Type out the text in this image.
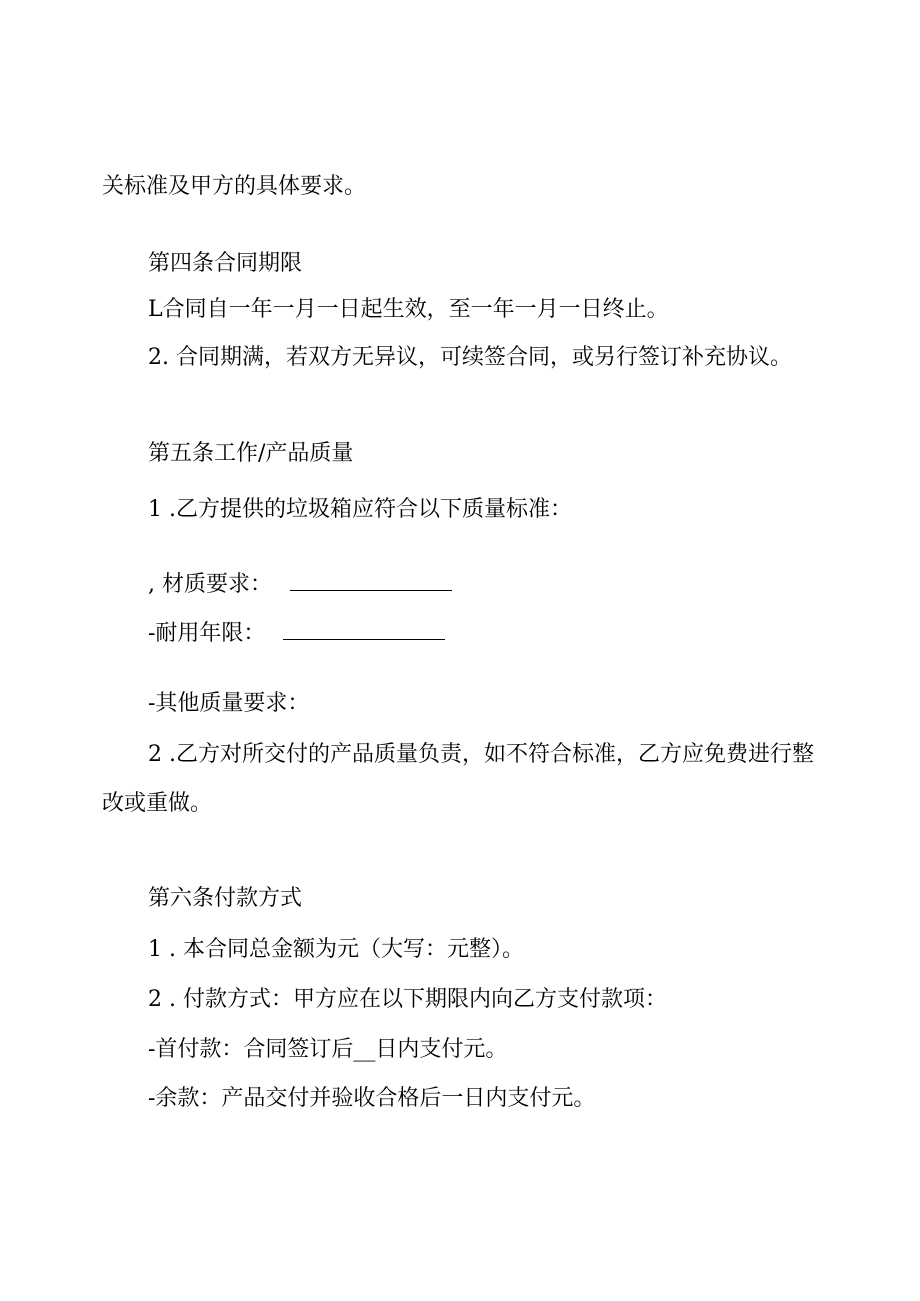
关标准及甲方的具体要求。
第四条合同期限
L合同自一年一月一日起生效，至一年一月一日终止。
2. 合同期满，若双方无异议，可续签合同，或另行签订补充协议。
第五条工作/产品质量
1 .乙方提供的垃圾箱应符合以下质量标准：
, 材质要求：
-耐用年限：
-其他质量要求：
2 .乙方对所交付的产品质量负责，如不符合标准，乙方应免费进行整
改或重做。
第六条付款方式
1 . 本合同总金额为元（大写：元整）。
2 . 付款方式：甲方应在以下期限内向乙方支付款项：
-首付款：合同签订后__日内支付元。
-余款：产品交付并验收合格后一日内支付元。
